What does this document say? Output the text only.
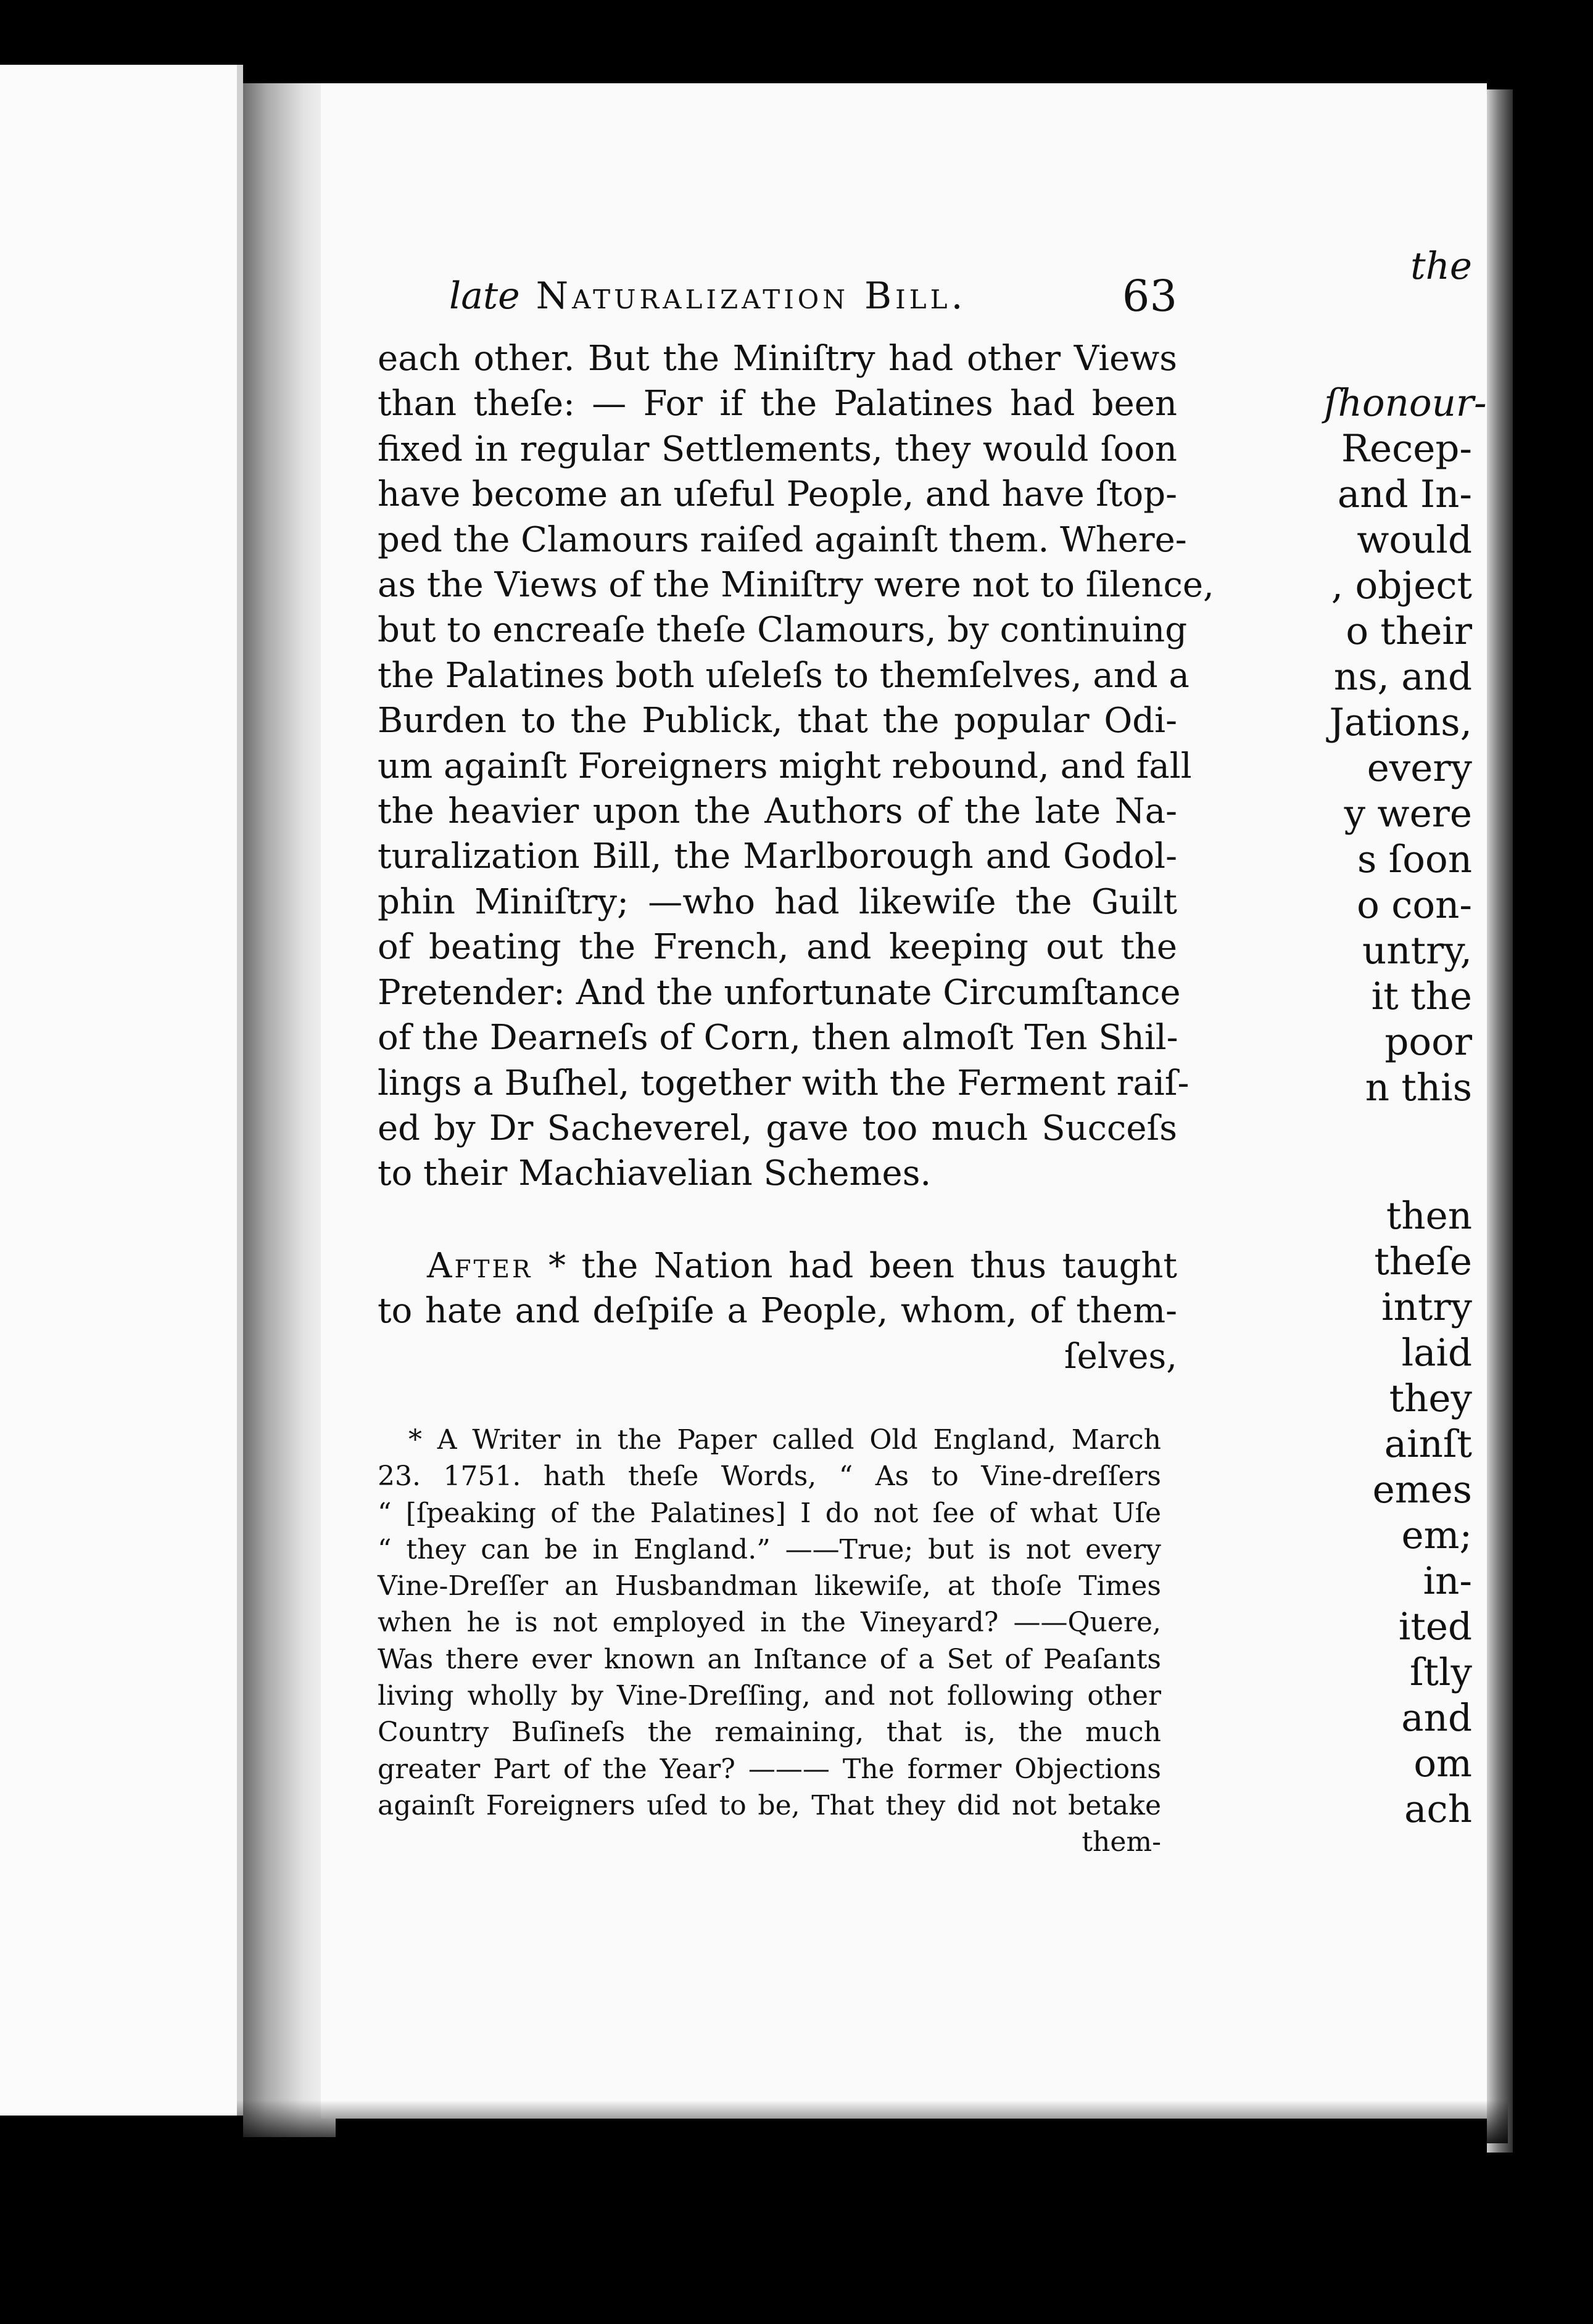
the
ſhonour-
Recep-
and In-
would
, object
o their
ns, and
Jations,
every
y were
s ſoon
o con-
untry,
it the
poor
n this
then
theſe
intry
laid
they
ainſt
emes
em;
in-
ited
ſtly
and
om
ach
late Naturalization Bill.	63
each other. But the Miniſtry had other Views
than theſe: — For if the Palatines had been
fixed in regular Settlements, they would ſoon
have become an uſeful People, and have ſtop-
ped the Clamours raiſed againſt them. Where-
as the Views of the Miniſtry were not to ſilence,
but to encreaſe theſe Clamours, by continuing
the Palatines both uſeleſs to themſelves, and a
Burden to the Publick, that the popular Odi-
um againſt Foreigners might rebound, and fall
the heavier upon the Authors of the late Na-
turalization Bill, the Marlborough and Godol-
phin Miniſtry; —who had likewiſe the Guilt
of beating the French, and keeping out the
Pretender: And the unfortunate Circumſtance
of the Dearneſs of Corn, then almoſt Ten Shil-
lings a Buſhel, together with the Ferment raiſ-
ed by Dr Sacheverel, gave too much Succeſs
to their Machiavelian Schemes.
After * the Nation had been thus taught
to hate and deſpiſe a People, whom, of them-
ſelves,
* A Writer in the Paper called Old England, March
23. 1751. hath theſe Words, “ As to Vine-dreſſers
“ [ſpeaking of the Palatines] I do not ſee of what Uſe
“ they can be in England.” ——True; but is not every
Vine-Dreſſer an Husbandman likewiſe, at thoſe Times
when he is not employed in the Vineyard? ——Quere,
Was there ever known an Inſtance of a Set of Peaſants
living wholly by Vine-Dreſſing, and not following other
Country Buſineſs the remaining, that is, the much
greater Part of the Year? ——— The former Objections
againſt Foreigners uſed to be, That they did not betake
them-
